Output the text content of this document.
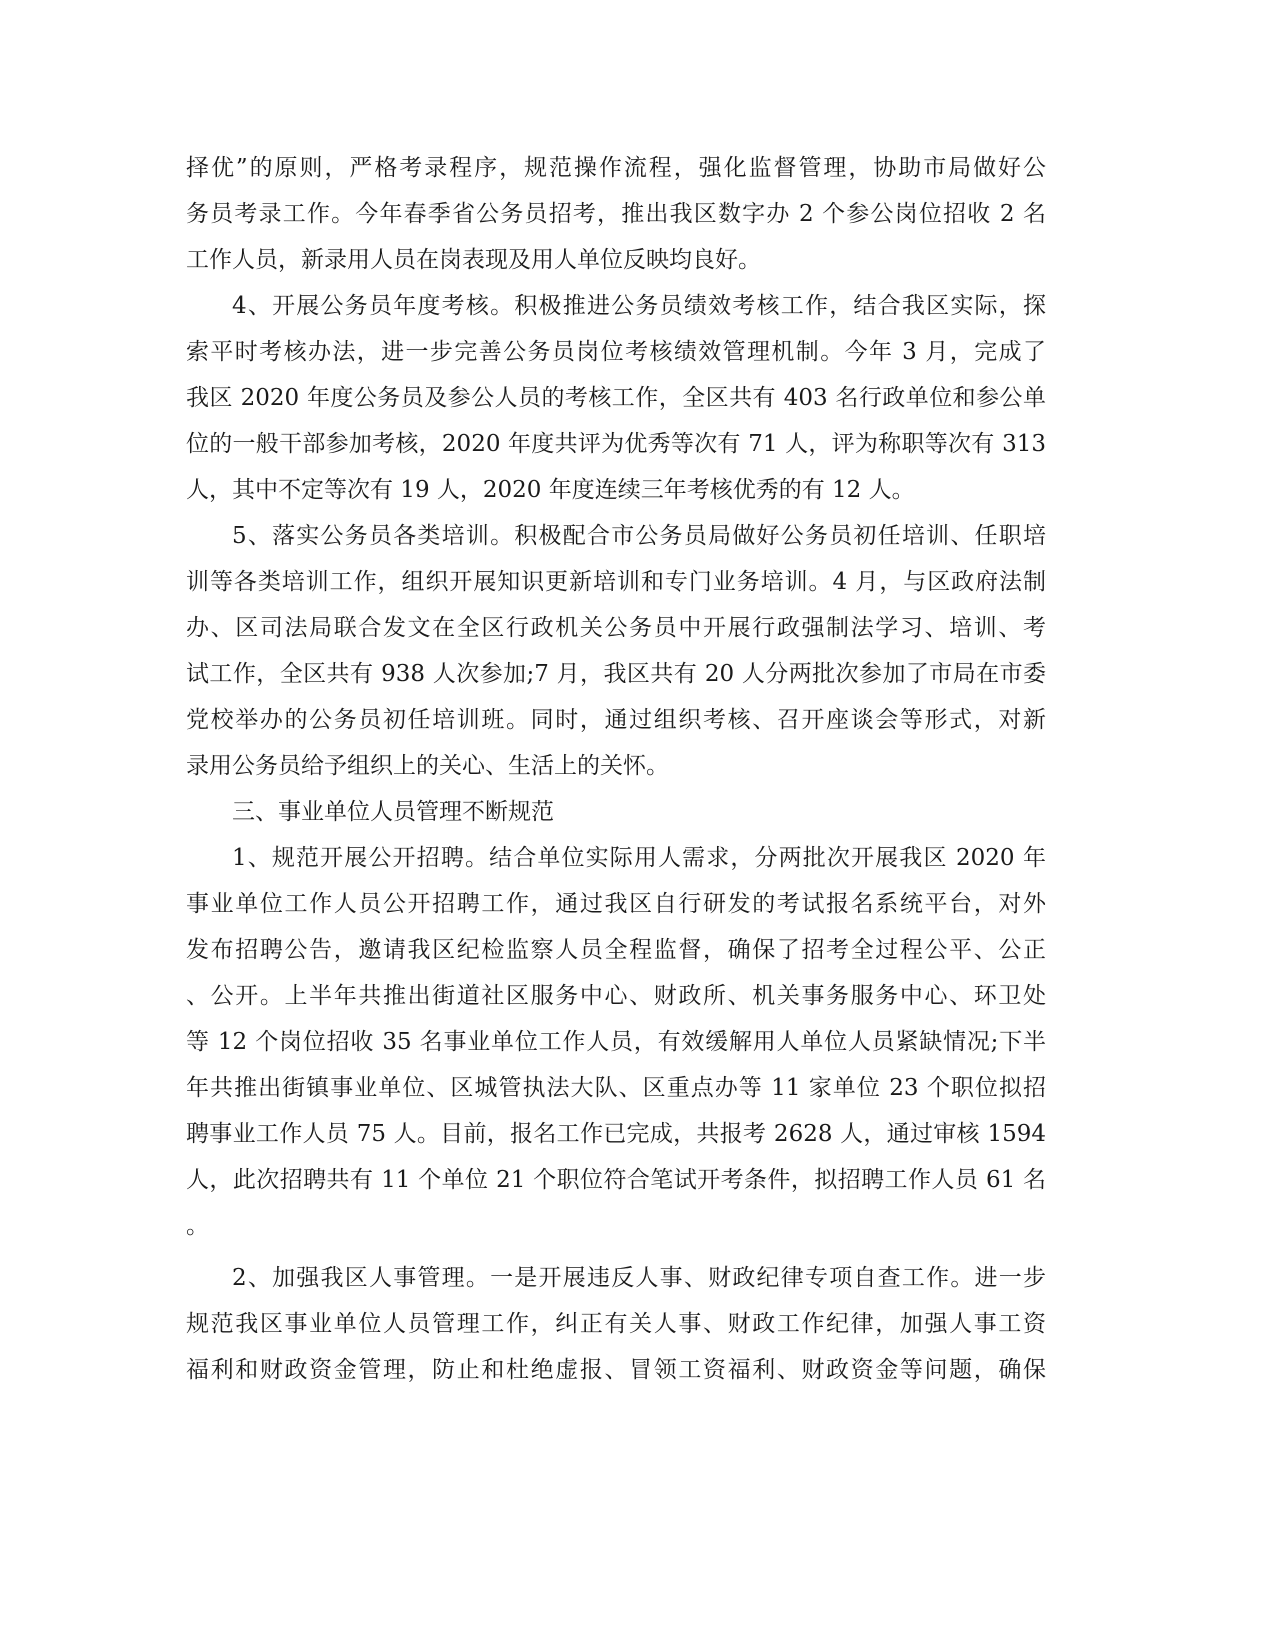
择优”的原则，严格考录程序，规范操作流程，强化监督管理，协助市局做好公
务员考录工作。今年春季省公务员招考，推出我区数字办 2 个参公岗位招收 2 名
工作人员，新录用人员在岗表现及用人单位反映均良好。
4、开展公务员年度考核。积极推进公务员绩效考核工作，结合我区实际，探
索平时考核办法，进一步完善公务员岗位考核绩效管理机制。今年 3 月，完成了
我区 2020 年度公务员及参公人员的考核工作，全区共有 403 名行政单位和参公单
位的一般干部参加考核，2020 年度共评为优秀等次有 71 人，评为称职等次有 313
人，其中不定等次有 19 人，2020 年度连续三年考核优秀的有 12 人。
5、落实公务员各类培训。积极配合市公务员局做好公务员初任培训、任职培
训等各类培训工作，组织开展知识更新培训和专门业务培训。4 月，与区政府法制
办、区司法局联合发文在全区行政机关公务员中开展行政强制法学习、培训、考
试工作，全区共有 938 人次参加;7 月，我区共有 20 人分两批次参加了市局在市委
党校举办的公务员初任培训班。同时，通过组织考核、召开座谈会等形式，对新
录用公务员给予组织上的关心、生活上的关怀。
三、事业单位人员管理不断规范
1、规范开展公开招聘。结合单位实际用人需求，分两批次开展我区 2020 年
事业单位工作人员公开招聘工作，通过我区自行研发的考试报名系统平台，对外
发布招聘公告，邀请我区纪检监察人员全程监督，确保了招考全过程公平、公正
、公开。上半年共推出街道社区服务中心、财政所、机关事务服务中心、环卫处
等 12 个岗位招收 35 名事业单位工作人员，有效缓解用人单位人员紧缺情况;下半
年共推出街镇事业单位、区城管执法大队、区重点办等 11 家单位 23 个职位拟招
聘事业工作人员 75 人。目前，报名工作已完成，共报考 2628 人，通过审核 1594
人，此次招聘共有 11 个单位 21 个职位符合笔试开考条件，拟招聘工作人员 61 名
。
2、加强我区人事管理。一是开展违反人事、财政纪律专项自查工作。进一步
规范我区事业单位人员管理工作，纠正有关人事、财政工作纪律，加强人事工资
福利和财政资金管理，防止和杜绝虚报、冒领工资福利、财政资金等问题，确保
